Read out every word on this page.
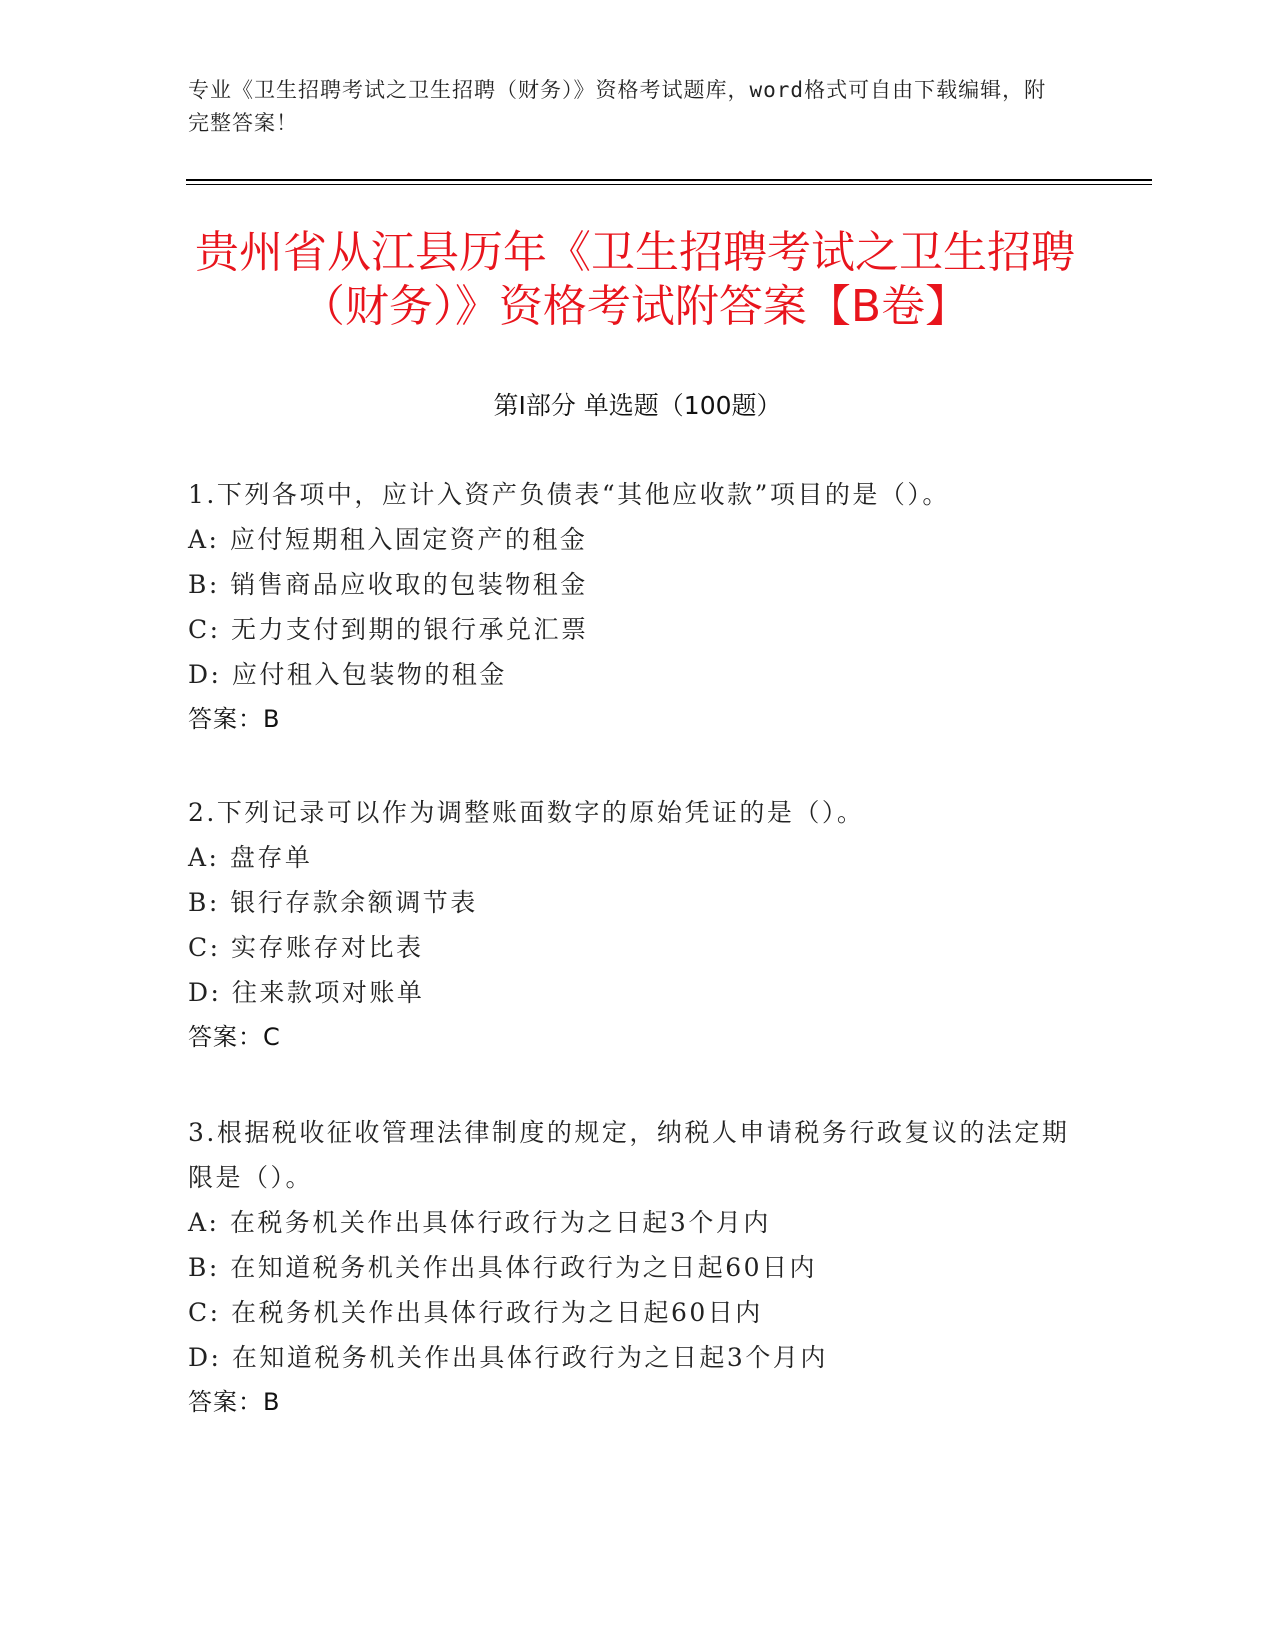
专业《卫生招聘考试之卫生招聘（财务）》资格考试题库，word格式可自由下载编辑，附完整答案！
贵州省从江县历年《卫生招聘考试之卫生招聘（财务）》资格考试附答案【B卷】
第I部分 单选题（100题）

1.下列各项中，应计入资产负债表“其他应收款”项目的是（）。

A: 应付短期租入固定资产的租金

B: 销售商品应收取的包装物租金

C: 无力支付到期的银行承兑汇票

D: 应付租入包装物的租金

答案：B

2.下列记录可以作为调整账面数字的原始凭证的是（）。

A: 盘存单

B: 银行存款余额调节表

C: 实存账存对比表

D: 往来款项对账单

答案：C

3.根据税收征收管理法律制度的规定，纳税人申请税务行政复议的法定期限是（）。

A: 在税务机关作出具体行政行为之日起3个月内

B: 在知道税务机关作出具体行政行为之日起60日内

C: 在税务机关作出具体行政行为之日起60日内

D: 在知道税务机关作出具体行政行为之日起3个月内

答案：B
